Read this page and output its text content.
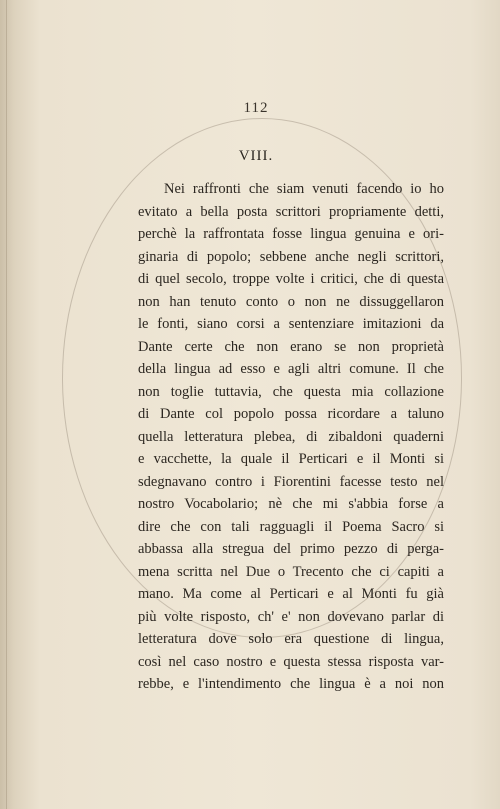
112
VIII.
Nei raffronti che siam venuti facendo io ho
evitato a bella posta scrittori propriamente detti,
perchè la raffrontata fosse lingua genuina e ori-
ginaria di popolo; sebbene anche negli scrittori,
di quel secolo, troppe volte i critici, che di questa
non han tenuto conto o non ne dissuggellaron
le fonti, siano corsi a sentenziare imitazioni da
Dante certe che non erano se non proprietà
della lingua ad esso e agli altri comune. Il che
non toglie tuttavia, che questa mia collazione
di Dante col popolo possa ricordare a taluno
quella letteratura plebea, di zibaldoni quaderni
e vacchette, la quale il Perticari e il Monti si
sdegnavano contro i Fiorentini facesse testo nel
nostro Vocabolario; nè che mi s'abbia forse a
dire che con tali ragguagli il Poema Sacro si
abbassa alla stregua del primo pezzo di perga-
mena scritta nel Due o Trecento che ci capiti a
mano. Ma come al Perticari e al Monti fu già
più volte risposto, ch' e' non dovevano parlar di
letteratura dove solo era questione di lingua,
così nel caso nostro e questa stessa risposta var-
rebbe, e l'intendimento che lingua è a noi non
